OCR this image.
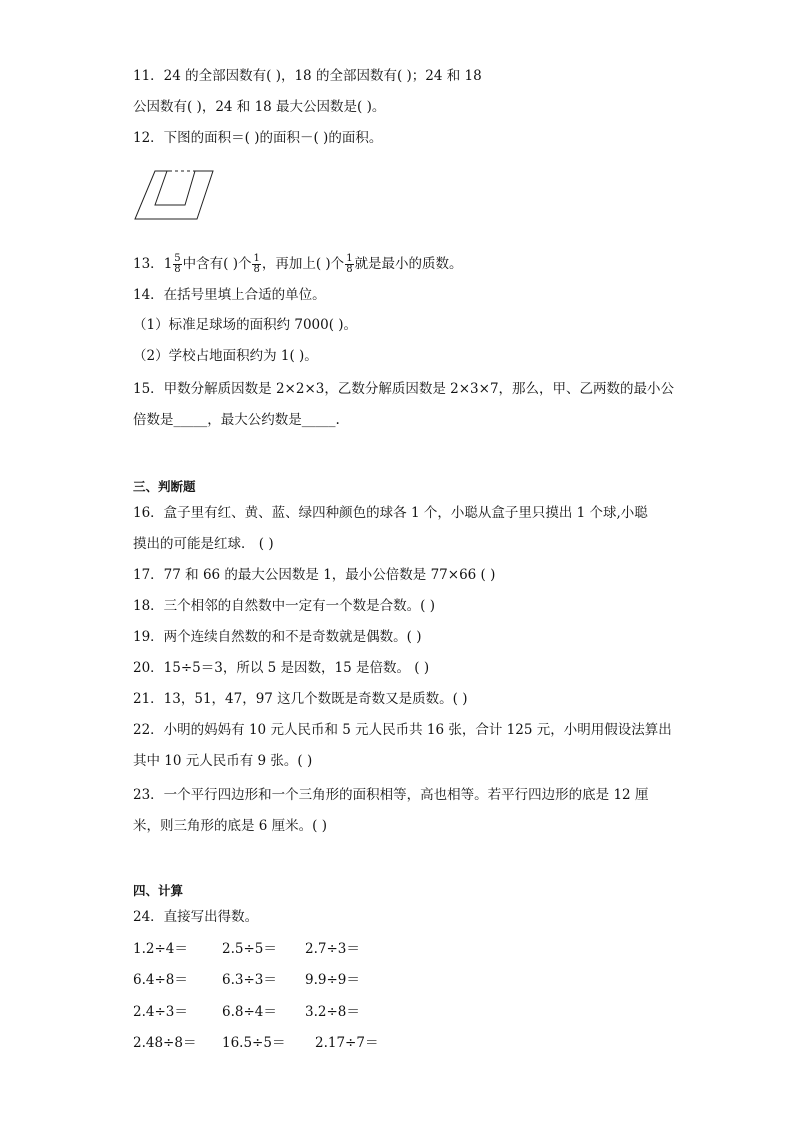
11．24 的全部因数有( )，18 的全部因数有( )；24 和 18
公因数有( )，24 和 18 最大公因数是( )。
12．下图的面积＝( )的面积－( )的面积。
13．$1 \frac{5}{8}$ 中含有( )个 $\frac{1}{8}$ ，再加上( )个 $\frac{1}{8}$ 就是最小的质数。
14．在括号里填上合适的单位。
（1）标准足球场的面积约 7000( )。
（2）学校占地面积约为 1( )。
15．甲数分解质因数是 2×2×3，乙数分解质因数是 2×3×7，那么，甲、乙两数的最小公
倍数是_____，最大公约数是_____.
三、判断题
16．盒子里有红、黄、蓝、绿四种颜色的球各 1 个，小聪从盒子里只摸出 1 个球,小聪
摸出的可能是红球． ( )
17．77 和 66 的最大公因数是 1，最小公倍数是 77×66 ( )
18．三个相邻的自然数中一定有一个数是合数。( )
19．两个连续自然数的和不是奇数就是偶数。( )
20．15÷5＝3，所以 5 是因数，15 是倍数。 ( )
21．13，51，47，97 这几个数既是奇数又是质数。( )
22．小明的妈妈有 10 元人民币和 5 元人民币共 16 张，合计 125 元，小明用假设法算出
其中 10 元人民币有 9 张。( )
23．一个平行四边形和一个三角形的面积相等，高也相等。若平行四边形的底是 12 厘
米，则三角形的底是 6 厘米。( )
四、计算
24．直接写出得数。
1.2÷4＝	2.5÷5＝ 2.7÷3＝
6.4÷8＝	6.3÷3＝ 9.9÷9＝
2.4÷3＝	6.8÷4＝ 3.2÷8＝
2.48÷8＝ 16.5÷5＝ 2.17÷7＝
